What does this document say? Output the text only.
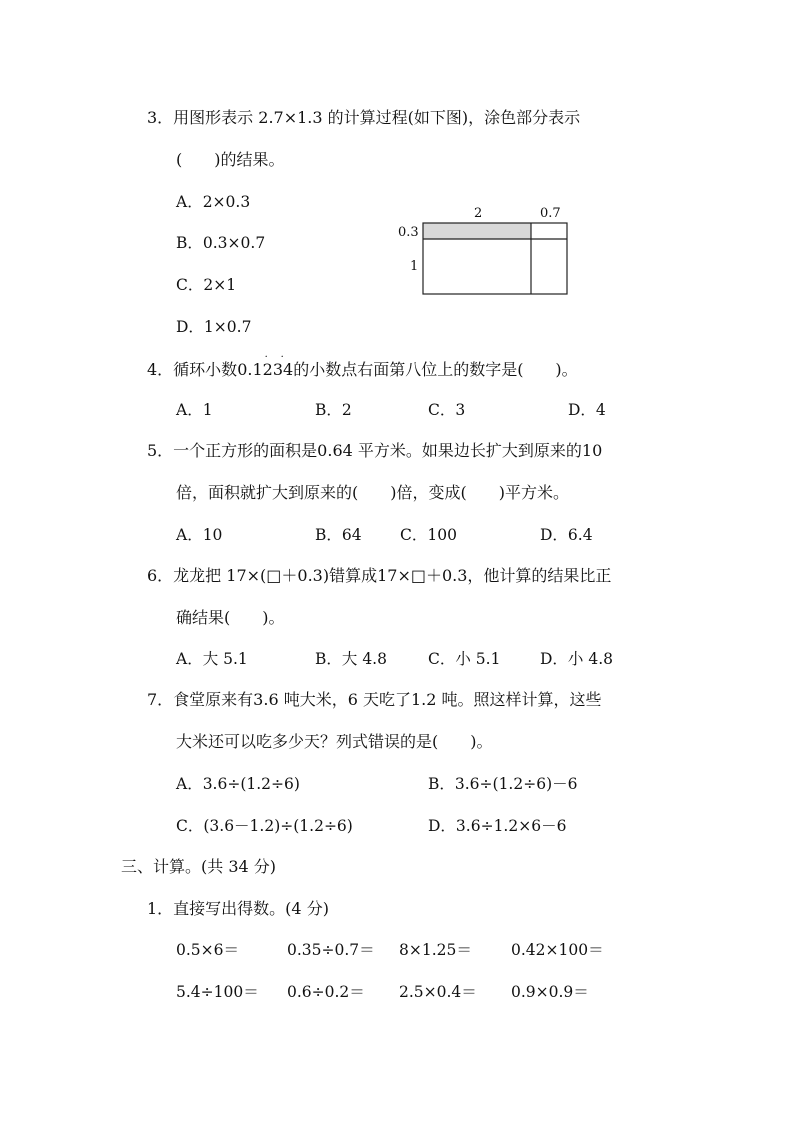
3．用图形表示 2.7×1.3 的计算过程(如下图)，涂色部分表示
(　　)的结果。
A．2×0.3
B．0.3×0.7
C．2×1
D．1×0.7
2	0.7
0.3
1
4．循环小数0.1234
· ·
的小数点右面第八位上的数字是(　　)。
A．1	B．2	C．3	D．4
5．一个正方形的面积是0.64 平方米。如果边长扩大到原来的10
倍，面积就扩大到原来的(　　)倍，变成(　　)平方米。
A．10	B．64 C．100	D．6.4
6．龙龙把 17×(□＋0.3)错算成17×□＋0.3，他计算的结果比正
确结果(　　)。
A．大 5.1	B．大 4.8	C．小 5.1	D．小 4.8
7．食堂原来有3.6 吨大米，6 天吃了1.2 吨。照这样计算，这些
大米还可以吃多少天？列式错误的是(　　)。
A．3.6÷(1.2÷6)	B．3.6÷(1.2÷6)－6
C．(3.6－1.2)÷(1.2÷6)	D．3.6÷1.2×6－6
三、计算。(共 34 分)
1．直接写出得数。(4 分)
0.5×6＝	0.35÷0.7＝ 8×1.25＝	0.42×100＝
5.4÷100＝ 0.6÷0.2＝ 2.5×0.4＝ 0.9×0.9＝
